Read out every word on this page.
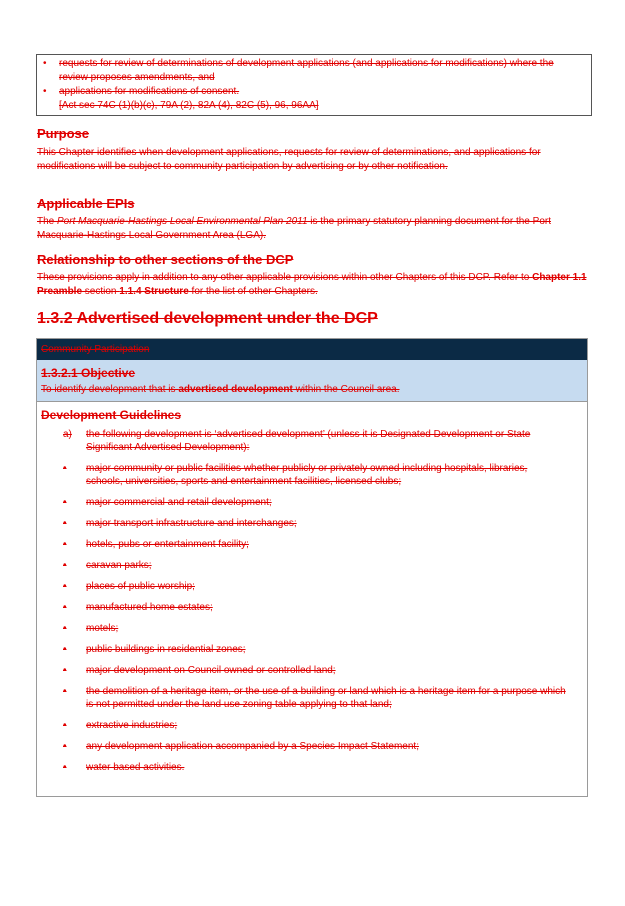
• requests for review of determinations of development applications (and applications for modifications) where the review proposes amendments, and
• applications for modifications of consent.
[Act sec 74C (1)(b)(c), 79A (2), 82A (4), 82C (5), 96, 96AA]
Purpose
This Chapter identifies when development applications, requests for review of determinations, and applications for modifications will be subject to community participation by advertising or by other notification.
Applicable EPIs
The Port Macquarie-Hastings Local Environmental Plan 2011 is the primary statutory planning document for the Port Macquarie-Hastings Local Government Area (LGA).
Relationship to other sections of the DCP
These provisions apply in addition to any other applicable provisions within other Chapters of this DCP. Refer to Chapter 1.1 Preamble section 1.1.4 Structure for the list of other Chapters.
1.3.2 Advertised development under the DCP
Community Participation
1.3.2.1 Objective
To identify development that is advertised development within the Council area.
Development Guidelines
a) the following development is ‘advertised development’ (unless it is Designated Development or State Significant Advertised Development):
• major community or public facilities whether publicly or privately owned including hospitals, libraries, schools, universities, sports and entertainment facilities, licensed clubs;
• major commercial and retail development;
• major transport infrastructure and interchanges;
• hotels, pubs or entertainment facility;
• caravan parks;
• places of public worship;
• manufactured home estates;
• motels;
• public buildings in residential zones;
• major development on Council owned or controlled land;
• the demolition of a heritage item, or the use of a building or land which is a heritage item for a purpose which is not permitted under the land use zoning table applying to that land;
• extractive industries;
• any development application accompanied by a Species Impact Statement;
• water based activities.
